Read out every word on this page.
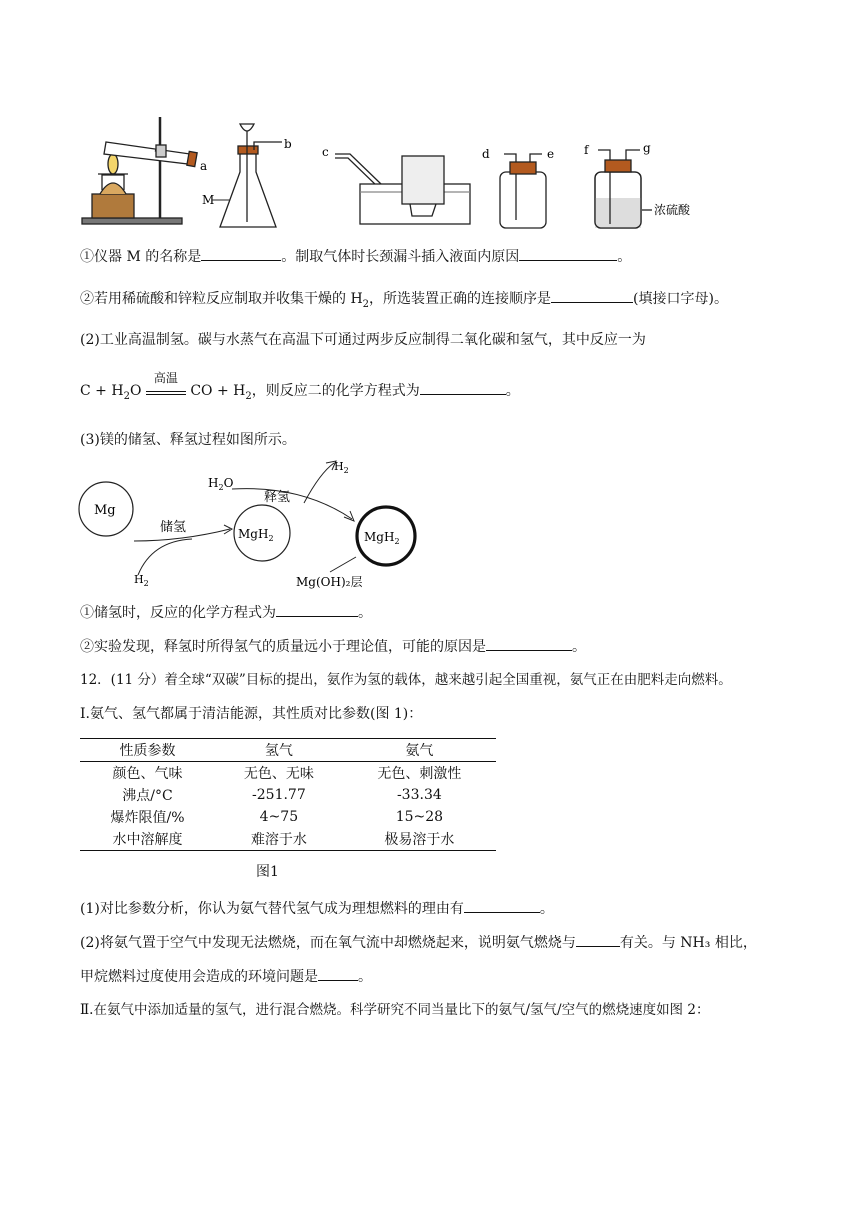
a
b
M
c	d	e f	g
浓硫酸
①仪器 M 的名称是	。制取气体时长颈漏斗插入液面内原因	。
②若用稀硫酸和锌粒反应制取并收集干燥的 $H_2$，所选装置正确的连接顺序是	(填接口字母)。
(2)工业高温制氢。碳与水蒸气在高温下可通过两步反应制得二氧化碳和氢气，其中反应一为
$C + H_2O$
高温
CO + $H_2$，则反应二的化学方程式为	。
(3)镁的储氢、释氢过程如图所示。
Mg
MgH$_2$	MgH$_2$
储氢
$H_2$
$H_2O$
释氢
$H_2$
Mg(OH)₂层
①储氢时，反应的化学方程式为	。
②实验发现，释氢时所得氢气的质量远小于理论值，可能的原因是	。
12．(11 分）着全球“双碳”目标的提出，氨作为氢的载体，越来越引起全国重视，氨气正在由肥料走向燃料。
Ⅰ.氨气、氢气都属于清洁能源，其性质对比参数(图 1)：
性质参数	氢气	氨气
颜色、气味	无色、无味	无色、刺激性
沸点/°C	-251.77	-33.34
爆炸限值/%	4~75	15~28
水中溶解度	难溶于水	极易溶于水
图1
(1)对比参数分析，你认为氨气替代氢气成为理想燃料的理由有	。
(2)将氨气置于空气中发现无法燃烧，而在氧气流中却燃烧起来，说明氨气燃烧与	有关。与 NH₃ 相比，
甲烷燃料过度使用会造成的环境问题是	。
Ⅱ.在氨气中添加适量的氢气，进行混合燃烧。科学研究不同当量比下的氨气/氢气/空气的燃烧速度如图 2：
